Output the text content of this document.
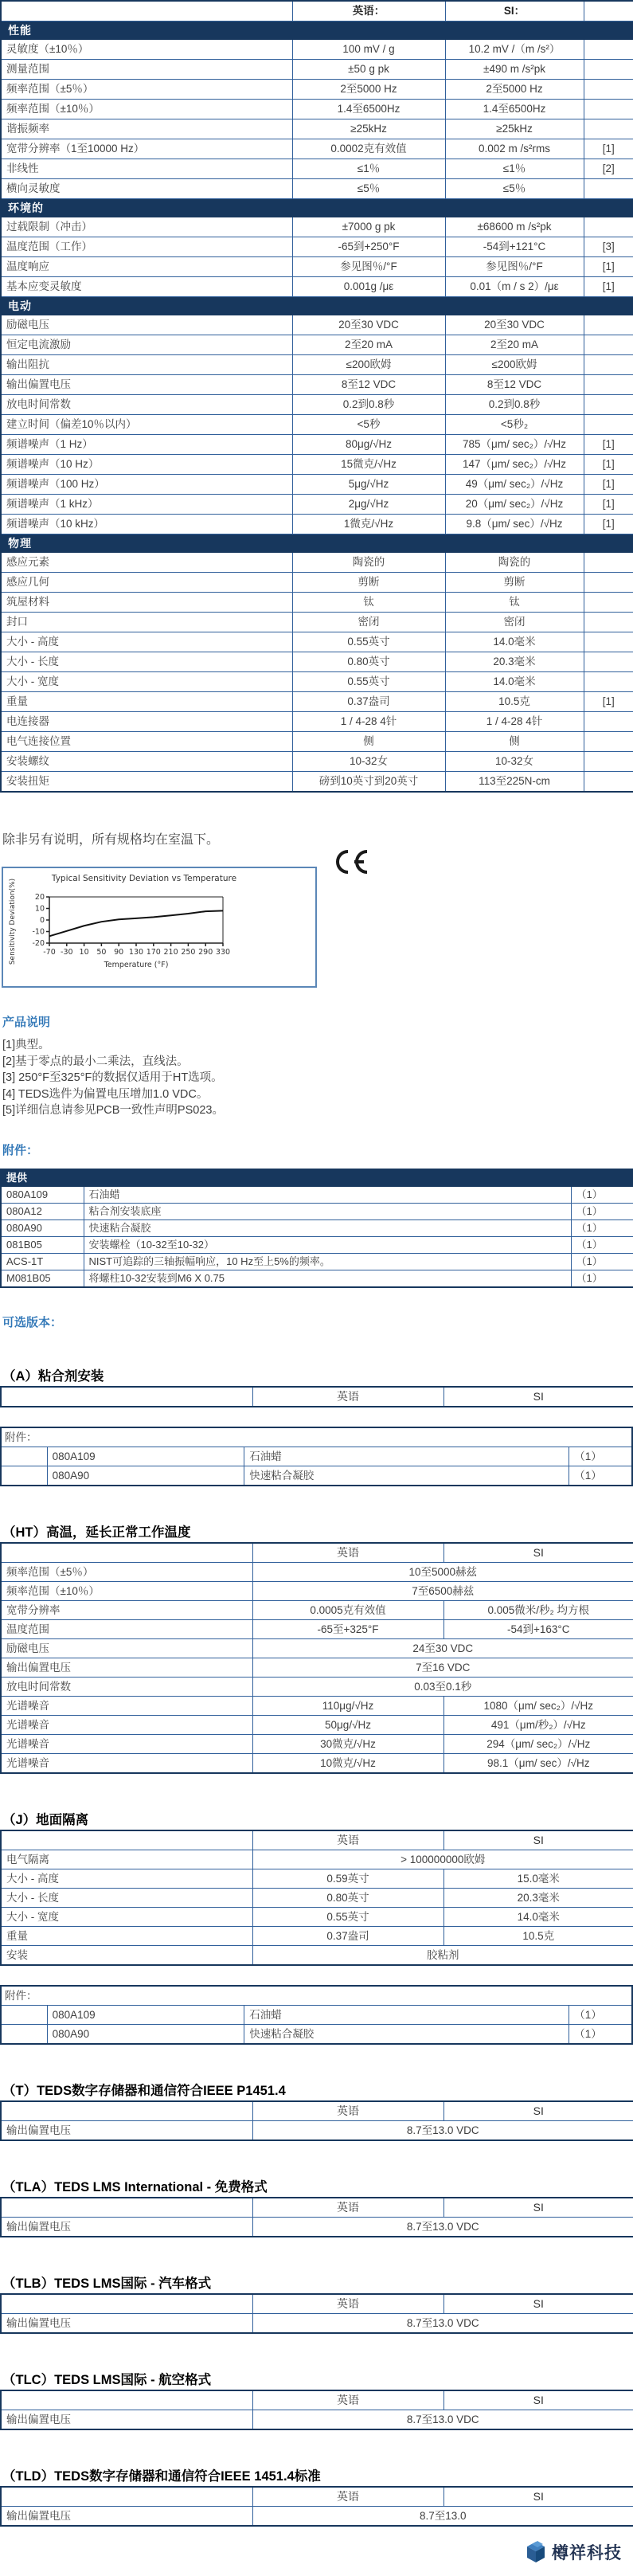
	英语：	SI：	
性能			
灵敏度（±10％）	100 mV / g	10.2 mV /（m /s²）	
测量范围	±50 g pk	±490 m /s²pk	
频率范围（±5％）	2至5000 Hz	2至5000 Hz	
频率范围（±10％）	1.4至6500Hz	1.4至6500Hz	
谐振频率	≥25kHz	≥25kHz	
宽带分辨率（1至10000 Hz）	0.0002克有效值	0.002 m /s²rms	[1]
非线性	≤1％	≤1％	[2]
横向灵敏度	≤5％	≤5％	
环境的			
过载限制（冲击）	±7000 g pk	±68600 m /s²pk	
温度范围（工作）	-65到+250°F	-54到+121°C	[3]
温度响应	参见图％/°F	参见图％/°F	[1]
基本应变灵敏度	0.001g /με	0.01（m / s 2）/με	[1]
电动			
励磁电压	20至30 VDC	20至30 VDC	
恒定电流激励	2至20 mA	2至20 mA	
输出阻抗	≤200欧姆	≤200欧姆	
输出偏置电压	8至12 VDC	8至12 VDC	
放电时间常数	0.2到0.8秒	0.2到0.8秒	
建立时间（偏差10％以内）	<5秒	<5秒₂	
频谱噪声（1 Hz）	80μg/√Hz	785（μm/ sec₂）/√Hz	[1]
频谱噪声（10 Hz）	15微克/√Hz	147（μm/ sec₂）/√Hz	[1]
频谱噪声（100 Hz）	5μg/√Hz	49（μm/ sec₂）/√Hz	[1]
频谱噪声（1 kHz）	2μg/√Hz	20（μm/ sec₂）/√Hz	[1]
频谱噪声（10 kHz）	1微克/√Hz	9.8（μm/ sec）/√Hz	[1]
物理			
感应元素	陶瓷的	陶瓷的	
感应几何	剪断	剪断	
筑屋材料	钛	钛	
封口	密闭	密闭	
大小 - 高度	0.55英寸	14.0毫米	
大小 - 长度	0.80英寸	20.3毫米	
大小 - 宽度	0.55英寸	14.0毫米	
重量	0.37盎司	10.5克	[1]
电连接器	1 / 4-28 4针	1 / 4-28 4针	
电气连接位置	侧	侧	
安装螺纹	10-32女	10-32女	
安装扭矩	磅到10英寸到20英寸	113至225N-cm	
除非另有说明，所有规格均在室温下。
Typical Sensitivity Deviation vs Temperature
Sensitivity Deviation(%) 20
10
0
-10
-20
-70 -30 10 50 90 130 170 210 250 290 330
Temperature (°F)
产品说明
[1]典型。
[2]基于零点的最小二乘法，直线法。
[3] 250°F至325°F的数据仅适用于HT选项。
[4] TEDS选件为偏置电压增加1.0 VDC。
[5]详细信息请参见PCB一致性声明PS023。
附件：
提供		
080A109	石油蜡	（1）
080A12	粘合剂安装底座	（1）
080A90	快速粘合凝胶	（1）
081B05	安装螺栓（10-32至10-32）	（1）
ACS-1T	NIST可追踪的三轴振幅响应，10 Hz至上5%的频率。	（1）
M081B05	将螺柱10-32安装到M6 X 0.75	（1）
可选版本：
（A）粘合剂安装
	英语	SI
附件：			
	080A109	石油蜡	（1）
	080A90	快速粘合凝胶	（1）
（HT）高温，延长正常工作温度
	英语	SI
频率范围（±5％）	10至5000赫兹	
频率范围（±10％）	7至6500赫兹	
宽带分辨率	0.0005克有效值	0.005微米/秒₂ 均方根
温度范围	-65至+325°F	-54到+163°C
励磁电压	24至30 VDC	
输出偏置电压	7至16 VDC	
放电时间常数	0.03至0.1秒	
光谱噪音	110μg/√Hz	1080（μm/ sec₂）/√Hz
光谱噪音	50μg/√Hz	491（μm/秒₂）/√Hz
光谱噪音	30微克/√Hz	294（μm/ sec₂）/√Hz
光谱噪音	10微克/√Hz	98.1（μm/ sec）/√Hz
（J）地面隔离
	英语	SI
电气隔离	> 100000000欧姆	
大小 - 高度	0.59英寸	15.0毫米
大小 - 长度	0.80英寸	20.3毫米
大小 - 宽度	0.55英寸	14.0毫米
重量	0.37盎司	10.5克
安装	胶粘剂	
附件：			
	080A109	石油蜡	（1）
	080A90	快速粘合凝胶	（1）
（T）TEDS数字存储器和通信符合IEEE P1451.4
	英语	SI
输出偏置电压	8.7至13.0 VDC	
（TLA）TEDS LMS International - 免费格式
	英语	SI
输出偏置电压	8.7至13.0 VDC	
（TLB）TEDS LMS国际 - 汽车格式
	英语	SI
输出偏置电压	8.7至13.0 VDC	
（TLC）TEDS LMS国际 - 航空格式
	英语	SI
输出偏置电压	8.7至13.0 VDC	
（TLD）TEDS数字存储器和通信符合IEEE 1451.4标准
	英语	SI
输出偏置电压	8.7至13.0	
樽祥科技
